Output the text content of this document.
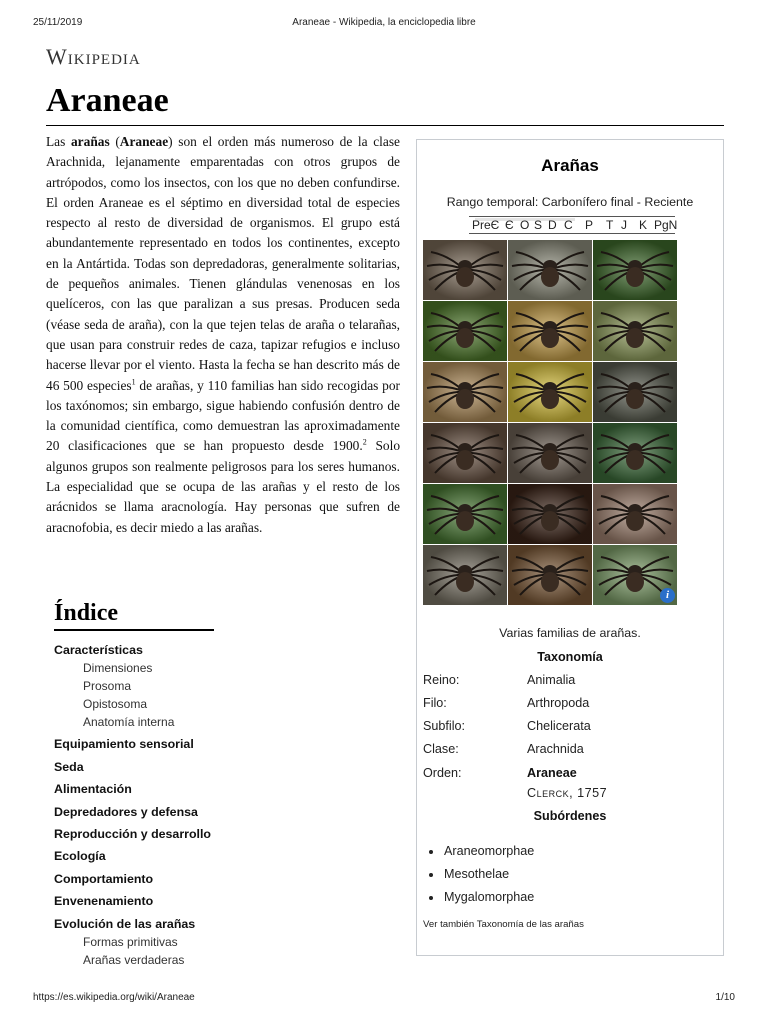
25/11/2019	Araneae - Wikipedia, la enciclopedia libre
Wikipedia
Araneae
Las arañas (Araneae) son el orden más numeroso de la clase Arachnida, lejanamente emparentadas con otros grupos de artrópodos, como los insectos, con los que no deben confundirse. El orden Araneae es el séptimo en diversidad total de especies respecto al resto de diversidad de organismos. El grupo está abundantemente representado en todos los continentes, excepto en la Antártida. Todas son depredadoras, generalmente solitarias, de pequeños animales. Tienen glándulas venenosas en los quelíceros, con las que paralizan a sus presas. Producen seda (véase seda de araña), con la que tejen telas de araña o telarañas, que usan para construir redes de caza, tapizar refugios e incluso hacerse llevar por el viento. Hasta la fecha se han descrito más de 46 500 especies$^1$ de arañas, y 110 familias han sido recogidas por los taxónomos; sin embargo, sigue habiendo confusión dentro de la comunidad científica, como demuestran las aproximadamente 20 clasificaciones que se han propuesto desde 1900.$^2$ Solo algunos grupos son realmente peligrosos para los seres humanos. La especialidad que se ocupa de las arañas y el resto de los arácnidos se llama aracnología. Hay personas que sufren de aracnofobia, es decir miedo a las arañas.
Índice
Características
Dimensiones
Prosoma
Opistosoma
Anatomía interna
Equipamiento sensorial
Seda
Alimentación
Depredadores y defensa
Reproducción y desarrollo
Ecología
Comportamiento
Envenenamiento
Evolución de las arañas
Formas primitivas
Arañas verdaderas
Arañas
Rango temporal: Carbonífero final - Reciente
PreЄ Є O S D C P T J K PgN
i
Varias familias de arañas.
Taxonomía
Reino:	Animalia
Filo:	Arthropoda
Subfilo:	Chelicerata
Clase:	Arachnida
Orden:	Araneae
Clerck, 1757
Subórdenes
Araneomorphae
Mesothelae
Mygalomorphae
Ver también Taxonomía de las arañas
https://es.wikipedia.org/wiki/Araneae	1/10
